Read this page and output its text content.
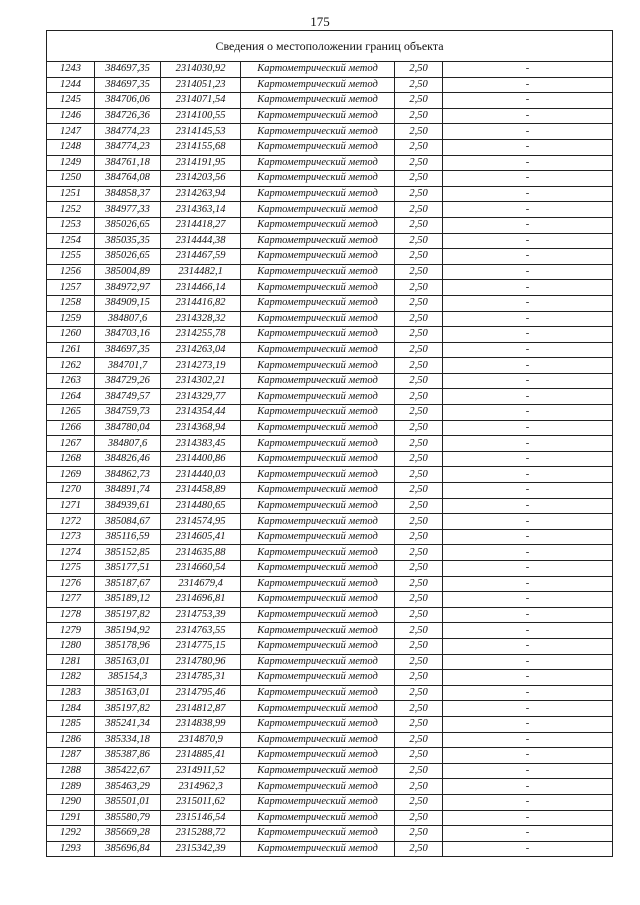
175
Сведения о местоположении границ объекта					
1243	384697,35	2314030,92	Картометрический метод	2,50	-
1244	384697,35	2314051,23	Картометрический метод	2,50	-
1245	384706,06	2314071,54	Картометрический метод	2,50	-
1246	384726,36	2314100,55	Картометрический метод	2,50	-
1247	384774,23	2314145,53	Картометрический метод	2,50	-
1248	384774,23	2314155,68	Картометрический метод	2,50	-
1249	384761,18	2314191,95	Картометрический метод	2,50	-
1250	384764,08	2314203,56	Картометрический метод	2,50	-
1251	384858,37	2314263,94	Картометрический метод	2,50	-
1252	384977,33	2314363,14	Картометрический метод	2,50	-
1253	385026,65	2314418,27	Картометрический метод	2,50	-
1254	385035,35	2314444,38	Картометрический метод	2,50	-
1255	385026,65	2314467,59	Картометрический метод	2,50	-
1256	385004,89	2314482,1	Картометрический метод	2,50	-
1257	384972,97	2314466,14	Картометрический метод	2,50	-
1258	384909,15	2314416,82	Картометрический метод	2,50	-
1259	384807,6	2314328,32	Картометрический метод	2,50	-
1260	384703,16	2314255,78	Картометрический метод	2,50	-
1261	384697,35	2314263,04	Картометрический метод	2,50	-
1262	384701,7	2314273,19	Картометрический метод	2,50	-
1263	384729,26	2314302,21	Картометрический метод	2,50	-
1264	384749,57	2314329,77	Картометрический метод	2,50	-
1265	384759,73	2314354,44	Картометрический метод	2,50	-
1266	384780,04	2314368,94	Картометрический метод	2,50	-
1267	384807,6	2314383,45	Картометрический метод	2,50	-
1268	384826,46	2314400,86	Картометрический метод	2,50	-
1269	384862,73	2314440,03	Картометрический метод	2,50	-
1270	384891,74	2314458,89	Картометрический метод	2,50	-
1271	384939,61	2314480,65	Картометрический метод	2,50	-
1272	385084,67	2314574,95	Картометрический метод	2,50	-
1273	385116,59	2314605,41	Картометрический метод	2,50	-
1274	385152,85	2314635,88	Картометрический метод	2,50	-
1275	385177,51	2314660,54	Картометрический метод	2,50	-
1276	385187,67	2314679,4	Картометрический метод	2,50	-
1277	385189,12	2314696,81	Картометрический метод	2,50	-
1278	385197,82	2314753,39	Картометрический метод	2,50	-
1279	385194,92	2314763,55	Картометрический метод	2,50	-
1280	385178,96	2314775,15	Картометрический метод	2,50	-
1281	385163,01	2314780,96	Картометрический метод	2,50	-
1282	385154,3	2314785,31	Картометрический метод	2,50	-
1283	385163,01	2314795,46	Картометрический метод	2,50	-
1284	385197,82	2314812,87	Картометрический метод	2,50	-
1285	385241,34	2314838,99	Картометрический метод	2,50	-
1286	385334,18	2314870,9	Картометрический метод	2,50	-
1287	385387,86	2314885,41	Картометрический метод	2,50	-
1288	385422,67	2314911,52	Картометрический метод	2,50	-
1289	385463,29	2314962,3	Картометрический метод	2,50	-
1290	385501,01	2315011,62	Картометрический метод	2,50	-
1291	385580,79	2315146,54	Картометрический метод	2,50	-
1292	385669,28	2315288,72	Картометрический метод	2,50	-
1293	385696,84	2315342,39	Картометрический метод	2,50	-
